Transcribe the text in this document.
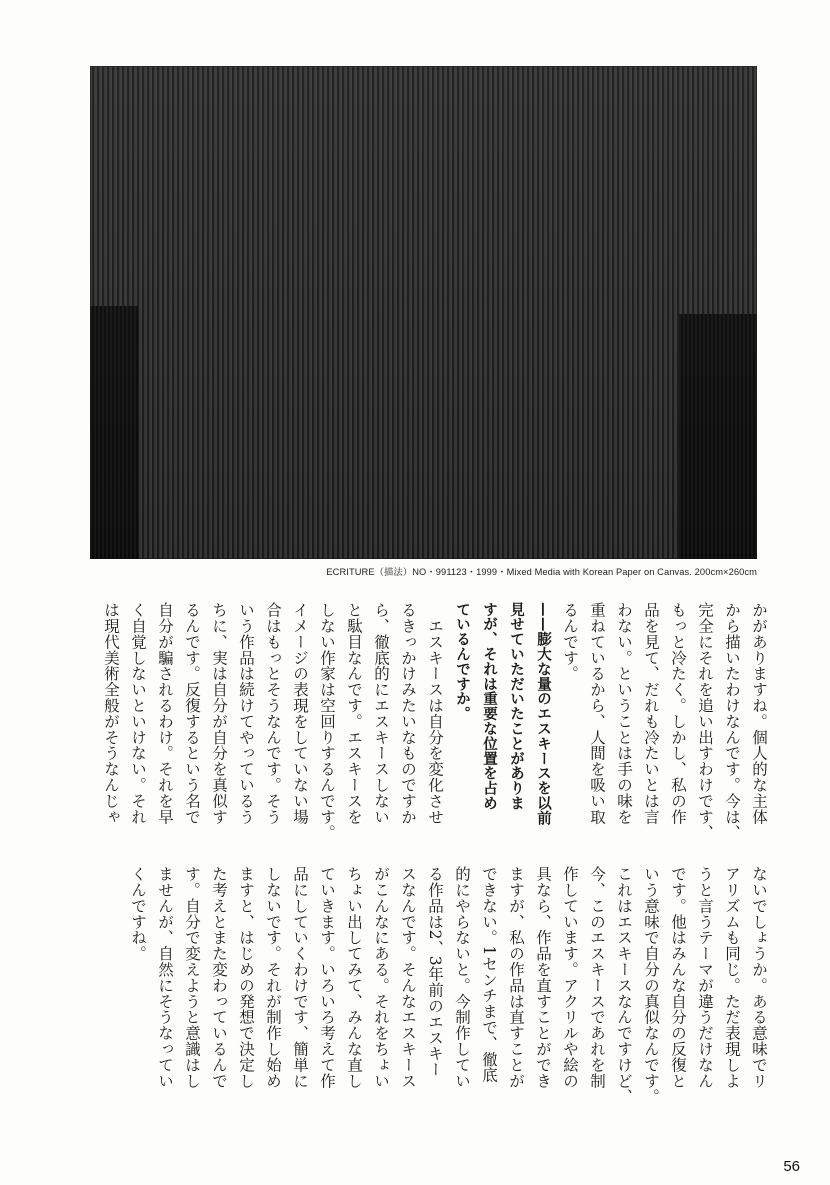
ECRITURE（描法）NO・991123・1999・Mixed Media with Korean Paper on Canvas. 200cm×260cm
かがありますね。個人的な主体
から描いたわけなんです。今は、
完全にそれを追い出すわけです、
もっと冷たく。しかし、私の作
品を見て、だれも冷たいとは言
わない。ということは手の味を
重ねているから、人間を吸い取
るんです。
——膨大な量のエスキースを以前
見せていただいたことがありま
すが、それは重要な位置を占め
ているんですか。
　エスキースは自分を変化させ
るきっかけみたいなものですか
ら、徹底的にエスキースしない
と駄目なんです。エスキースを
しない作家は空回りするんです。
イメージの表現をしていない場
合はもっとそうなんです。そう
いう作品は続けてやっているう
ちに、実は自分が自分を真似す
るんです。反復するという名で
自分が騙されるわけ。それを早
く自覚しないといけない。それ
は現代美術全般がそうなんじゃ
ないでしょうか。ある意味でリ
アリズムも同じ。ただ表現しよ
うと言うテーマが違うだけなん
です。他はみんな自分の反復と
いう意味で自分の真似なんです。
これはエスキースなんですけど、
今、このエスキースであれを制
作しています。アクリルや絵の
具なら、作品を直すことができ
ますが、私の作品は直すことが
できない。1センチまで、徹底
的にやらないと。今制作してい
る作品は2、3年前のエスキー
スなんです。そんなエスキース
がこんなにある。それをちょい
ちょい出してみて、みんな直し
ていきます。いろいろ考えて作
品にしていくわけです、簡単に
しないです。それが制作し始め
ますと、はじめの発想で決定し
た考えとまた変わっているんで
す。自分で変えようと意識はし
ませんが、自然にそうなってい
くんですね。
56
